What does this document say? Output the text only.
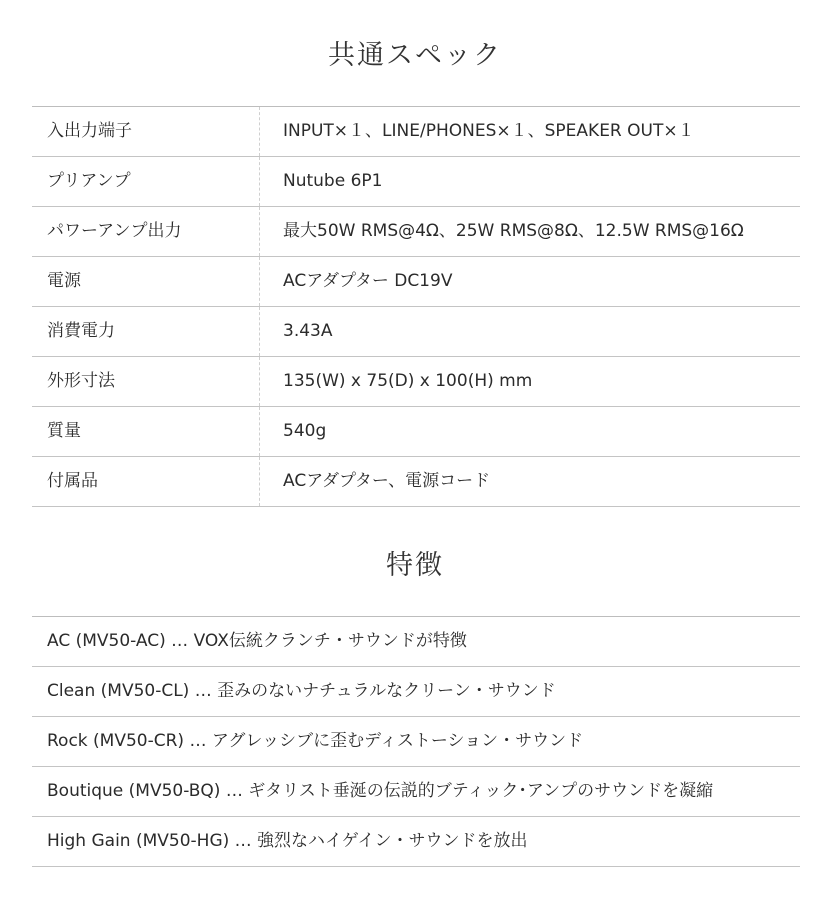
共通スペック
入出力端子	INPUT×１、LINE/PHONES×１、SPEAKER OUT×１
プリアンプ	Nutube 6P1
パワーアンプ出力	最大50W RMS@4Ω、25W RMS@8Ω、12.5W RMS@16Ω
電源	ACアダプター DC19V
消費電力	3.43A
外形寸法	135(W) x 75(D) x 100(H) mm
質量	540g
付属品	ACアダプター、電源コード
特徴
AC (MV50-AC) … VOX伝統クランチ・サウンドが特徴
Clean (MV50-CL) … 歪みのないナチュラルなクリーン・サウンド
Rock (MV50-CR) … アグレッシブに歪むディストーション・サウンド
Boutique (MV50-BQ) … ギタリスト垂涎の伝説的ブティック･アンプのサウンドを凝縮
High Gain (MV50-HG) … 強烈なハイゲイン・サウンドを放出
